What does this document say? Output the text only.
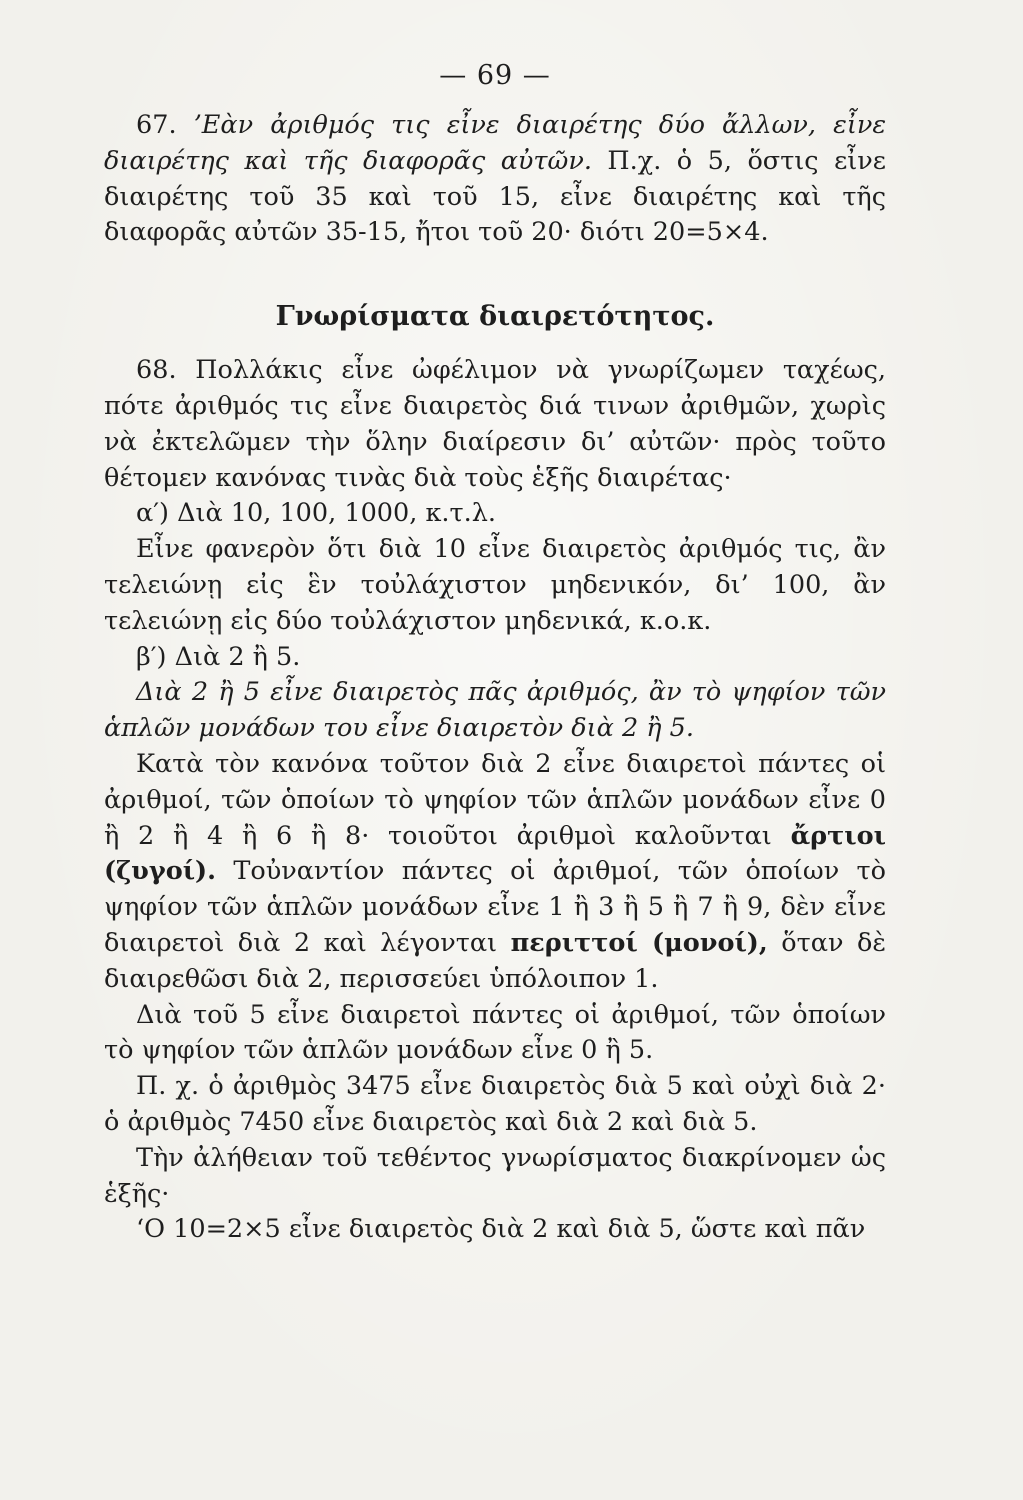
— 69 —

67. ’Εὰν ἀριθμός τις εἶνε διαιρέτης δύο ἄλλων, εἶνε διαιρέτης καὶ τῆς διαφορᾶς αὐτῶν. Π.χ. ὁ 5, ὅστις εἶνε διαιρέτης τοῦ 35 καὶ τοῦ 15, εἶνε διαιρέτης καὶ τῆς διαφορᾶς αὐτῶν 35-15, ἤτοι τοῦ 20· διότι 20=5×4.

Γνωρίσματα διαιρετότητος.

68. Πολλάκις εἶνε ὠφέλιμον νὰ γνωρίζωμεν ταχέως, πότε ἀριθμός τις εἶνε διαιρετὸς διά τινων ἀριθμῶν, χωρὶς νὰ ἐκτελῶμεν τὴν ὅλην διαίρεσιν δι’ αὐτῶν· πρὸς τοῦτο θέτομεν κανόνας τινὰς διὰ τοὺς ἑξῆς διαιρέτας·

α′) Διὰ 10, 100, 1000, κ.τ.λ.

Εἶνε φανερὸν ὅτι διὰ 10 εἶνε διαιρετὸς ἀριθμός τις, ἂν τελειώνῃ εἰς ἓν τοὐλάχιστον μηδενικόν, δι’ 100, ἂν τελειώνῃ εἰς δύο τοὐλάχιστον μηδενικά, κ.ο.κ.

β′) Διὰ 2 ἢ 5.

Διὰ 2 ἢ 5 εἶνε διαιρετὸς πᾶς ἀριθμός, ἂν τὸ ψηφίον τῶν ἁπλῶν μονάδων του εἶνε διαιρετὸν διὰ 2 ἢ 5.

Κατὰ τὸν κανόνα τοῦτον διὰ 2 εἶνε διαιρετοὶ πάντες οἱ ἀριθμοί, τῶν ὁποίων τὸ ψηφίον τῶν ἁπλῶν μονάδων εἶνε 0 ἢ 2 ἢ 4 ἢ 6 ἢ 8· τοιοῦτοι ἀριθμοὶ καλοῦνται ἄρτιοι (ζυγοί). Τοὐναντίον πάντες οἱ ἀριθμοί, τῶν ὁποίων τὸ ψηφίον τῶν ἁπλῶν μονάδων εἶνε 1 ἢ 3 ἢ 5 ἢ 7 ἢ 9, δὲν εἶνε διαιρετοὶ διὰ 2 καὶ λέγονται περιττοί (μονοί), ὅταν δὲ διαιρεθῶσι διὰ 2, περισσεύει ὑπόλοιπον 1.

Διὰ τοῦ 5 εἶνε διαιρετοὶ πάντες οἱ ἀριθμοί, τῶν ὁποίων τὸ ψηφίον τῶν ἁπλῶν μονάδων εἶνε 0 ἢ 5.

Π. χ. ὁ ἀριθμὸς 3475 εἶνε διαιρετὸς διὰ 5 καὶ οὐχὶ διὰ 2· ὁ ἀριθμὸς 7450 εἶνε διαιρετὸς καὶ διὰ 2 καὶ διὰ 5.

Τὴν ἀλήθειαν τοῦ τεθέντος γνωρίσματος διακρίνομεν ὡς ἑξῆς·

‘Ο 10=2×5 εἶνε διαιρετὸς διὰ 2 καὶ διὰ 5, ὥστε καὶ πᾶν
